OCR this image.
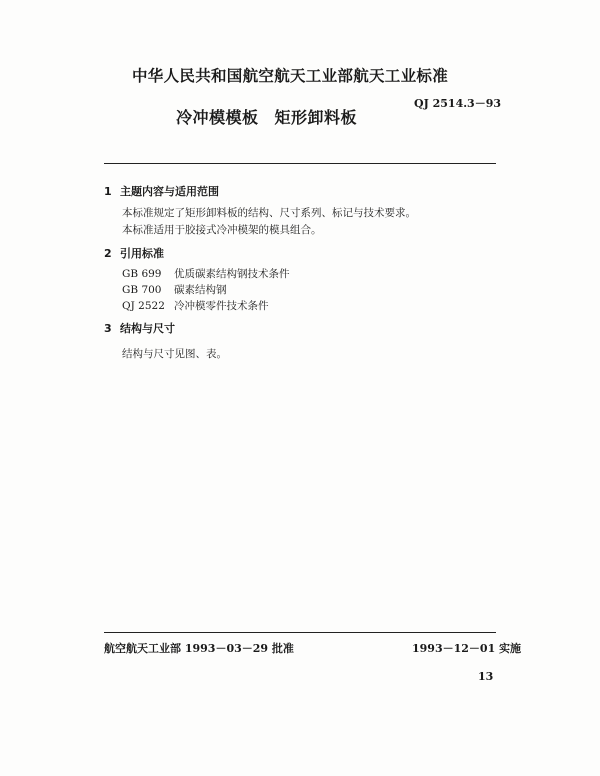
中华人民共和国航空航天工业部航天工业标准
QJ 2514.3－93
冷冲模模板 矩形卸料板
1 主题内容与适用范围
本标准规定了矩形卸料板的结构、尺寸系列、标记与技术要求。
本标准适用于胶接式冷冲模架的模具组合。
2 引用标准
GB 699 优质碳素结构钢技术条件
GB 700 碳素结构钢
QJ 2522 冷冲模零件技术条件
3 结构与尺寸
结构与尺寸见图、表。
航空航天工业部 1993－03－29 批准	1993－12－01 实施
13
